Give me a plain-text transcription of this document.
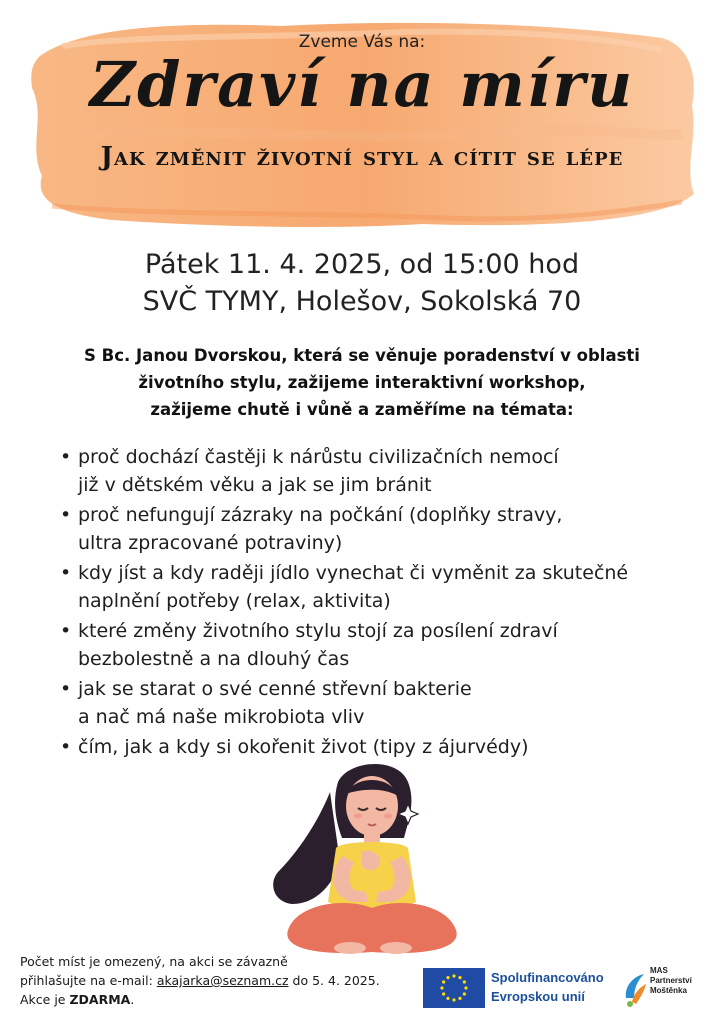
Zveme Vás na:
Zdraví na míru
Jak změnit životní styl a cítit se lépe
Pátek 11. 4. 2025, od 15:00 hod
SVČ TYMY, Holešov, Sokolská 70
S Bc. Janou Dvorskou, která se věnuje poradenství v oblasti
životního stylu, zažijeme interaktivní workshop,
zažijeme chutě i vůně a zaměříme na témata:
• proč dochází častěji k nárůstu civilizačních nemocí
již v dětském věku a jak se jim bránit
• proč nefungují zázraky na počkání (doplňky stravy,
ultra zpracované potraviny)
• kdy jíst a kdy raději jídlo vynechat či vyměnit za skutečné
naplnění potřeby (relax, aktivita)
• které změny životního stylu stojí za posílení zdraví
bezbolestně a na dlouhý čas
• jak se starat o své cenné střevní bakterie
a nač má naše mikrobiota vliv
• čím, jak a kdy si okořenit život (tipy z ájurvédy)
Počet míst je omezený, na akci se závazně
přihlašujte na e-mail: akajarka@seznam.cz do 5. 4. 2025.
Akce je ZDARMA.
Spolufinancováno
Evropskou unií
MAS
Partnerství
Moštěnka
